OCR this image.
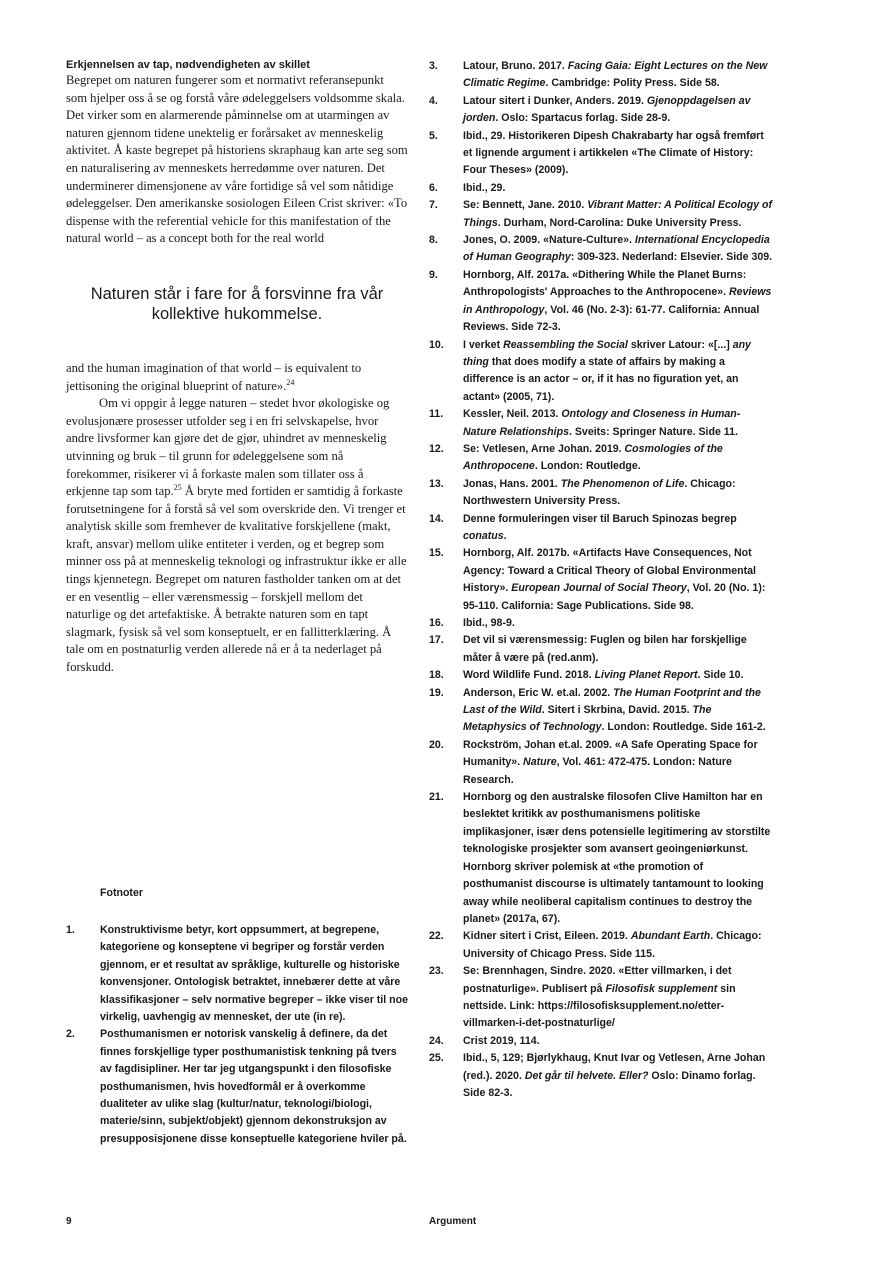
Erkjennelsen av tap, nødvendigheten av skillet

Begrepet om naturen fungerer som et normativt referansepunkt som hjelper oss å se og forstå våre ødeleggelsers voldsomme skala. Det virker som en alarmerende påminnelse om at utarmingen av naturen gjennom tidene unektelig er forårsaket av menneskelig aktivitet. Å kaste begrepet på historiens skraphaug kan arte seg som en naturalisering av menneskets herredømme over naturen. Det underminerer dimensjonene av våre fortidige så vel som nåtidige ødeleggelser. Den amerikanske sosiologen Eileen Crist skriver: «To dispense with the referential vehicle for this manifestation of the natural world – as a concept both for the real world

Naturen står i fare for å forsvinne fra vår kollektive hukommelse.

and the human imagination of that world – is equivalent to jettisoning the original blueprint of nature».$^{24}$

Om vi oppgir å legge naturen – stedet hvor økologiske og evolusjonære prosesser utfolder seg i en fri selvskapelse, hvor andre livsformer kan gjøre det de gjør, uhindret av menneskelig utvinning og bruk – til grunn for ødeleggelsene som nå forekommer, risikerer vi å forkaste malen som tillater oss å erkjenne tap som tap.$^{25}$ Å bryte med fortiden er samtidig å forkaste forutsetningene for å forstå så vel som overskride den. Vi trenger et analytisk skille som fremhever de kvalitative forskjellene (makt, kraft, ansvar) mellom ulike entiteter i verden, og et begrep som minner oss på at menneskelig teknologi og infrastruktur ikke er alle tings kjennetegn. Begrepet om naturen fastholder tanken om at det er en vesentlig – eller værensmessig – forskjell mellom det naturlige og det artefaktiske. Å betrakte naturen som en tapt slagmark, fysisk så vel som konseptuelt, er en fallitterklæring. Å tale om en postnaturlig verden allerede nå er å ta nederlaget på forskudd.

Fotnoter

1.	Konstruktivisme betyr, kort oppsummert, at begrepene, kategoriene og konseptene vi begriper og forstår verden gjennom, er et resultat av språklige, kulturelle og historiske konvensjoner. Ontologisk betraktet, innebærer dette at våre klassifikasjoner – selv normative begreper – ikke viser til noe virkelig, uavhengig av mennesket, der ute (in re).
2.	Posthumanismen er notorisk vanskelig å definere, da det finnes forskjellige typer posthumanistisk tenkning på tvers av fagdisipliner. Her tar jeg utgangspunkt i den filosofiske posthumanismen, hvis hovedformål er å overkomme dualiteter av ulike slag (kultur/natur, teknologi/biologi, materie/sinn, subjekt/objekt) gjennom dekonstruksjon av presupposisjonene disse konseptuelle kategoriene hviler på.
3.	Latour, Bruno. 2017. Facing Gaia: Eight Lectures on the New Climatic Regime. Cambridge: Polity Press. Side 58.
4.	Latour sitert i Dunker, Anders. 2019. Gjenoppdagelsen av jorden. Oslo: Spartacus forlag. Side 28-9.
5.	Ibid., 29. Historikeren Dipesh Chakrabarty har også fremført et lignende argument i artikkelen «The Climate of History: Four Theses» (2009).
6.	Ibid., 29.
7.	Se: Bennett, Jane. 2010. Vibrant Matter: A Political Ecology of Things. Durham, Nord-Carolina: Duke University Press.
8.	Jones, O. 2009. «Nature-Culture». International Encyclopedia of Human Geography: 309-323. Nederland: Elsevier. Side 309.
9.	Hornborg, Alf. 2017a. «Dithering While the Planet Burns: Anthropologists' Approaches to the Anthropocene». Reviews in Anthropology, Vol. 46 (No. 2-3): 61-77. California: Annual Reviews. Side 72-3.
10.	I verket Reassembling the Social skriver Latour: «[...] any thing that does modify a state of affairs by making a difference is an actor – or, if it has no figuration yet, an actant» (2005, 71).
11.	Kessler, Neil. 2013. Ontology and Closeness in Human-Nature Relationships. Sveits: Springer Nature. Side 11.
12.	Se: Vetlesen, Arne Johan. 2019. Cosmologies of the Anthropocene. London: Routledge.
13.	Jonas, Hans. 2001. The Phenomenon of Life. Chicago: Northwestern University Press.
14.	Denne formuleringen viser til Baruch Spinozas begrep conatus.
15.	Hornborg, Alf. 2017b. «Artifacts Have Consequences, Not Agency: Toward a Critical Theory of Global Environmental History». European Journal of Social Theory, Vol. 20 (No. 1): 95-110. California: Sage Publications. Side 98.
16.	Ibid., 98-9.
17.	Det vil si værensmessig: Fuglen og bilen har forskjellige måter å være på (red.anm).
18.	Word Wildlife Fund. 2018. Living Planet Report. Side 10.
19.	Anderson, Eric W. et.al. 2002. The Human Footprint and the Last of the Wild. Sitert i Skrbina, David. 2015. The Metaphysics of Technology. London: Routledge. Side 161-2.
20.	Rockström, Johan et.al. 2009. «A Safe Operating Space for Humanity». Nature, Vol. 461: 472-475. London: Nature Research.
21.	Hornborg og den australske filosofen Clive Hamilton har en beslektet kritikk av posthumanismens politiske implikasjoner, især dens potensielle legitimering av storstilte teknologiske prosjekter som avansert geoingeniørkunst. Hornborg skriver polemisk at «the promotion of posthumanist discourse is ultimately tantamount to looking away while neoliberal capitalism continues to destroy the planet» (2017a, 67).
22.	Kidner sitert i Crist, Eileen. 2019. Abundant Earth. Chicago: University of Chicago Press. Side 115.
23.	Se: Brennhagen, Sindre. 2020. «Etter villmarken, i det postnaturlige». Publisert på Filosofisk supplement sin nettside. Link: https://filosofisksupplement.no/etter-villmarken-i-det-postnaturlige/
24.	Crist 2019, 114.
25.	Ibid., 5, 129; Bjørlykhaug, Knut Ivar og Vetlesen, Arne Johan (red.). 2020. Det går til helvete. Eller? Oslo: Dinamo forlag. Side 82-3.
9	Argument
